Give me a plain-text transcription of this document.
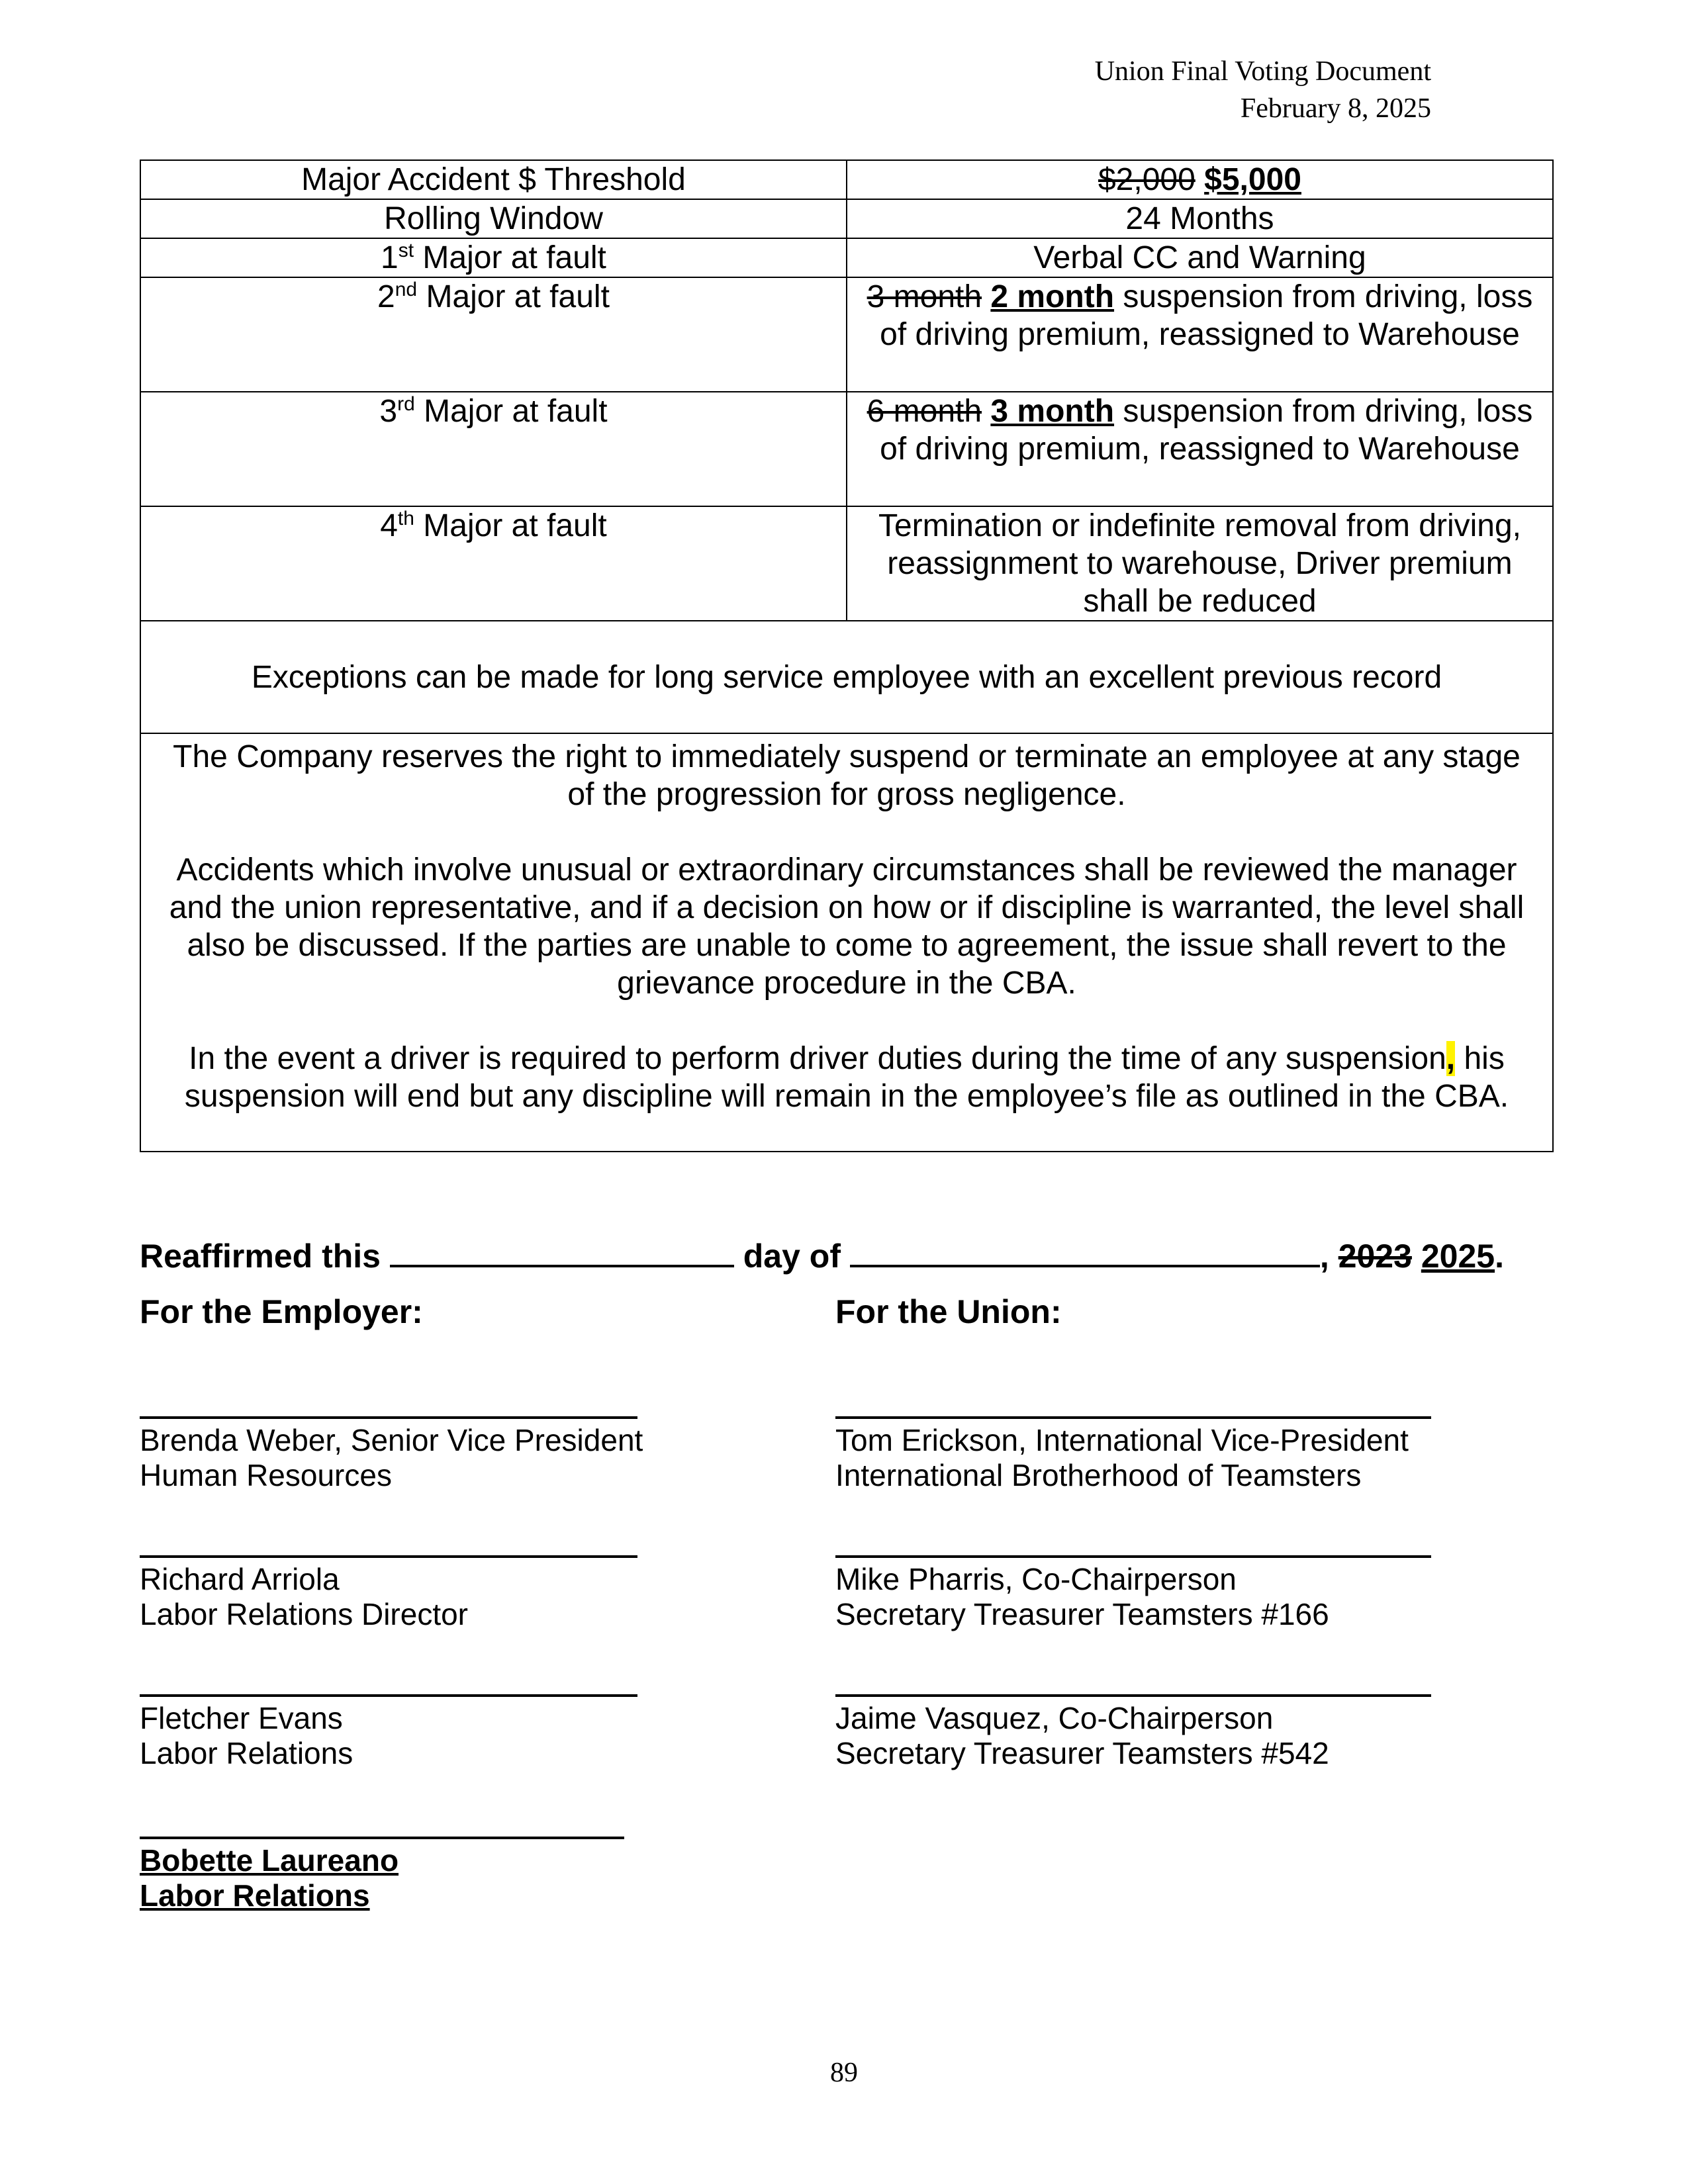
Union Final Voting Document
February 8, 2025
Major Accident $ Threshold	$2,000 $5,000
Rolling Window	24 Months
1st Major at fault	Verbal CC and Warning
2nd Major at fault	3 month 2 month suspension from driving, loss of driving premium, reassigned to Warehouse
3rd Major at fault	6 month 3 month suspension from driving, loss of driving premium, reassigned to Warehouse
4th Major at fault	Termination or indefinite removal from driving, reassignment to warehouse, Driver premium shall be reduced
Exceptions can be made for long service employee with an excellent previous record	

The Company reserves the right to immediately suspend or terminate an employee at any stage of the progression for gross negligence.

Accidents which involve unusual or extraordinary circumstances shall be reviewed the manager and the union representative, and if a decision on how or if discipline is warranted, the level shall also be discussed. If the parties are unable to come to agreement, the issue shall revert to the grievance procedure in the CBA.

In the event a driver is required to perform driver duties during the time of any suspension, his suspension will end but any discipline will remain in the employee’s file as outlined in the CBA.	

Reaffirmed this	day of	, 2023 2025.
For the Employer:	For the Union:
Brenda Weber, Senior Vice President
Human Resources
Richard Arriola
Labor Relations Director
Fletcher Evans
Labor Relations
Bobette Laureano
Labor Relations
Tom Erickson, International Vice-President
International Brotherhood of Teamsters
Mike Pharris, Co-Chairperson
Secretary Treasurer Teamsters #166
Jaime Vasquez, Co-Chairperson
Secretary Treasurer Teamsters #542
89
